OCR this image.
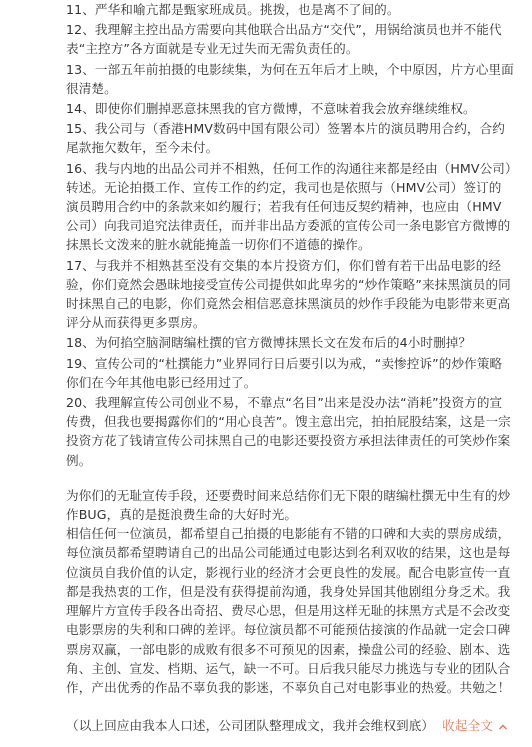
11、严华和喻亢都是甄家班成员。挑拨，也是离不了间的。

12、我理解主控出品方需要向其他联合出品方“交代”，用锅给演员也并不能代表“主控方”各方面就是专业无过失而无需负责任的。

13、一部五年前拍摄的电影续集，为何在五年后才上映，个中原因，片方心里面很清楚。

14、即使你们删掉恶意抹黑我的官方微博，不意味着我会放弃继续维权。

15、我公司与（香港HMV数码中国有限公司）签署本片的演员聘用合约，合约尾款拖欠数年，至今未付。

16、我与内地的出品公司并不相熟，任何工作的沟通往来都是经由（HMV公司）转述。无论拍摄工作、宣传工作的约定，我司也是依照与（HMV公司）签订的演员聘用合约中的条款来如约履行；若我有任何违反契约精神，也应由（HMV公司）向我司追究法律责任，而并非出品方委派的宣传公司一条电影官方微博的抹黑长文泼来的脏水就能掩盖一切你们不道德的操作。

17、与我并不相熟甚至没有交集的本片投资方们，你们曾有若干出品电影的经验，你们竟然会愚昧地接受宣传公司提供如此卑劣的“炒作策略”来抹黑演员的同时抹黑自己的电影，你们竟然会相信恶意抹黑演员的炒作手段能为电影带来更高评分从而获得更多票房。

18、为何掐空脑洞瞎编杜撰的官方微博抹黑长文在发布后的4小时删掉？

19、宣传公司的“杜撰能力”业界同行日后要引以为戒，“卖惨控诉”的炒作策略你们在今年其他电影已经用过了。

20、我理解宣传公司创业不易，不靠点“名目”出来是没办法“消耗”投资方的宣传费，但我也要揭露你们的“用心良苦”。馊主意出完，拍拍屁股结案，这是一宗投资方花了钱请宣传公司抹黑自己的电影还要投资方承担法律责任的可笑炒作案例。

为你们的无耻宣传手段，还要费时间来总结你们无下限的瞎编杜撰无中生有的炒作BUG，真的是挺浪费生命的大好时光。

相信任何一位演员，都希望自己拍摄的电影能有不错的口碑和大卖的票房成绩，每位演员都希望聘请自己的出品公司能通过电影达到名利双收的结果，这也是每位演员自我价值的认定，影视行业的经济才会更良性的发展。配合电影宣传一直都是我热衷的工作，但是没有获得提前沟通，我身处异国其他剧组分身乏术。我理解片方宣传手段各出奇招、费尽心思，但是用这样无耻的抹黑方式是不会改变电影票房的失利和口碑的差评。每位演员都不可能预估接演的作品就一定会口碑票房双赢，一部电影的成败有很多不可预见的因素，操盘公司的经验、剧本、选角、主创、宣发、档期、运气，缺一不可。日后我只能尽力挑选与专业的团队合作，产出优秀的作品不辜负我的影迷，不辜负自己对电影事业的热爱。共勉之！

（以上回应由我本人口述，公司团队整理成文，我并会维权到底） 收起全文
